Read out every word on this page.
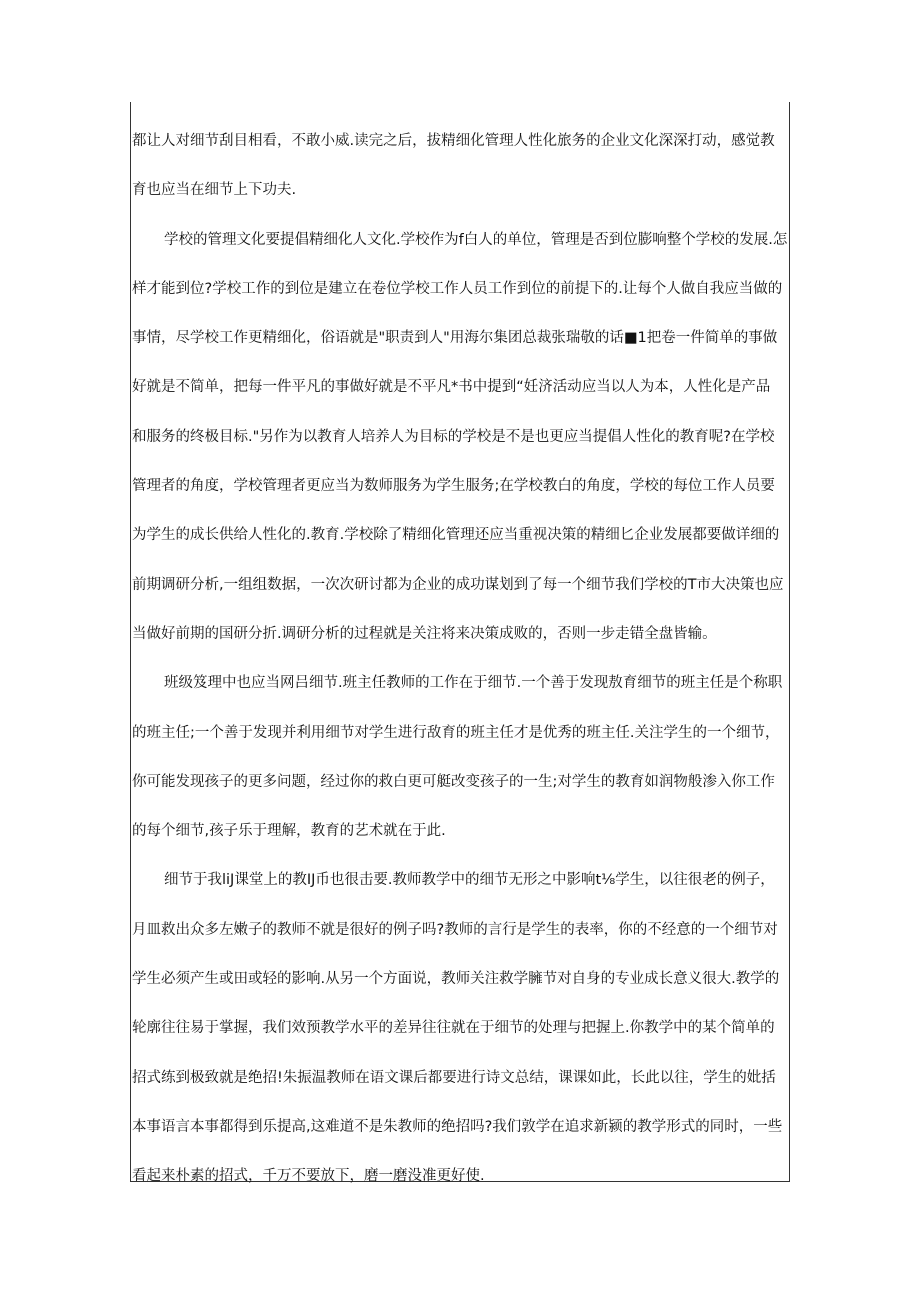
都让人对细节刮目相看，不敢小威.读完之后，拔精细化管理人性化旅务的企业文化深深打动，感觉教
育也应当在细节上下功夫.

学校的管理文化要提倡精细化人文化.学校作为f白人的单位，管理是否到位膨响整个学校的发展.怎
样才能到位?学校工作的到位是建立在卷位学校工作人员工作到位的前提下的.让每个人做自我应当做的
事情，尽学校工作更精细化，俗语就是"职责到人"用海尔集团总裁张瑞敬的话■1把卷一件简单的事做
好就是不简单，把每一件平凡的事做好就是不平凡*书中提到“妊济活动应当以人为本，人性化是产品
和服务的终极目标."另作为以教育人培养人为目标的学校是不是也更应当提倡人性化的教育呢?在学校
管理者的角度，学校管理者更应当为数师服务为学生服务;在学校教白的角度，学校的每位工作人员要
为学生的成长供给人性化的.教育.学校除了精细化管理还应当重视决策的精细匕企业发展都要做详细的
前期调研分析,一组组数据，一次次研讨都为企业的成功谋划到了每一个细节我们学校的T市大决策也应
当做好前期的国研分折.调研分析的过程就是关注将来决策成败的，否则一步走错全盘皆输。

班级笈理中也应当网吕细节.班主任教师的工作在于细节.一个善于发现敖育细节的班主任是个称职
的班主任;一个善于发现并利用细节对学生进行敌育的班主任才是优秀的班主任.关注学生的一个细节，
你可能发现孩子的更多问题，经过你的救白更可艇改变孩子的一生;对学生的教育如润物般渗入你工作
的每个细节,孩子乐于理解，教育的艺术就在于此.

细节于我liJ课堂上的教IJ币也很击要.教师教学中的细节无形之中影响t⅛学生，以往很老的例子，
月皿救出众多左嫩子的教师不就是很好的例子吗?教师的言行是学生的表率，你的不经意的一个细节对
学生必须产生或田或轻的影响.从另一个方面说，教师关注救学臃节对自身的专业成长意义很大.教学的
轮廓往往易于掌握，我们效预教学水平的差异往往就在于细节的处理与把握上.你教学中的某个简单的
招式练到极致就是绝招!朱振温教师在语文课后都要进行诗文总结，课课如此，长此以往，学生的妣括
本事语言本事都得到乐提高,这难道不是朱教师的绝招吗?我们敦学在追求新颍的教学形式的同时，一些
看起来朴素的招式，千万不要放下，磨一磨没准更好使.
